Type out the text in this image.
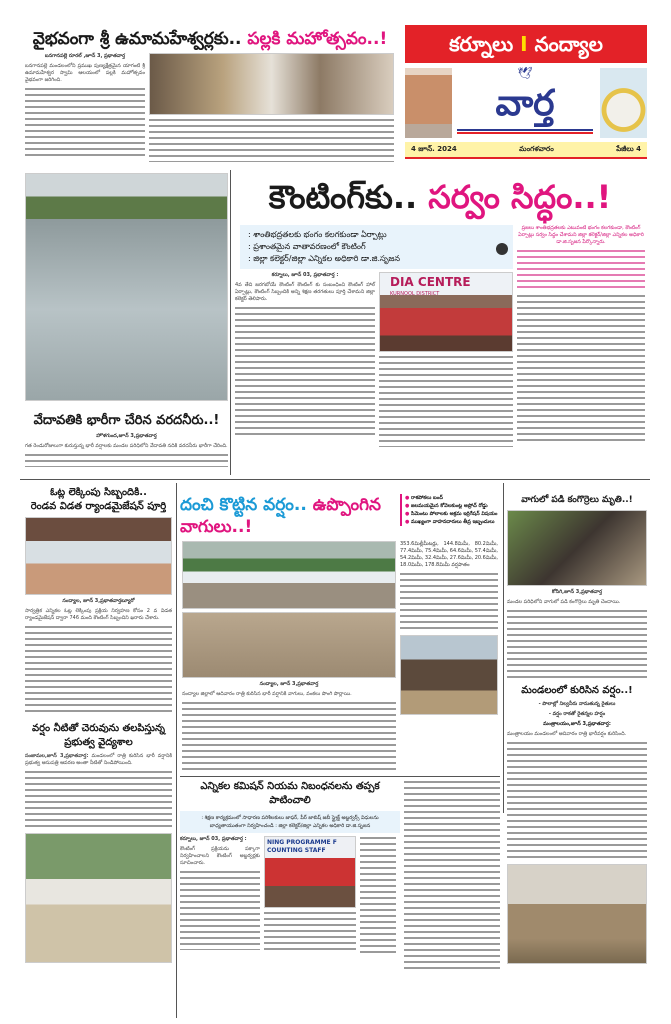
కర్నూలు I నంద్యాల
🕊
వార్త
4 జూన్. 2024	మంగళవారం	పేజీలు 4
వైభవంగా శ్రీ ఉమామహేశ్వర్లకు.. పల్లకి మహోత్సవం..!
బనగానపల్లె రూరల్ ,జూన్ 3, ప్రభాతవార్త
బనగానపల్లె మండలంలోని ప్రముఖ పుణ్యక్షేత్రమైన యాగంటి శ్రీ ఉమామహేశ్వర స్వామి ఆలయంలో పల్లకి మహోత్సవం వైభవంగా జరిగింది.
వేదావతికి భారీగా చేరిన వరదనీరు..!
హొళగుంద,జూన్ 3,ప్రభాతవార్త
గత రెండురోజులుగా కురుస్తున్న భారీ వర్షాలకు మండల పరిధిలోని వేదావతి నదికి వరదనీరు భారీగా చేరింది.
కౌంటింగ్‌కు.. సర్వం సిద్ధం..!
: శాంతిభద్రతలకు భంగం కలగకుండా ఏర్పాట్లు
: ప్రశాంతమైన వాతావరణంలో కౌంటింగ్
: జిల్లా కలెక్టర్/జిల్లా ఎన్నికల అధికారి డా.జి.సృజన
కర్నూలు, జూన్ 03, ప్రభాతవార్త :
4వ తేది జరగబోయే కౌంటింగ్ కౌంటింగ్ కు సంబంధించి కౌంటింగ్ హాల్ ఏర్పాట్లు, కౌంటింగ్ సిబ్బందికి అన్ని శిక్షణ తరగతులు పూర్తి చేశామని జిల్లా కలెక్టర్ తెలిపారు.
DIA CENTRE
KURNOOL DISTRICT
ప్రజలు శాంతిభద్రతలకు ఎటువంటి భంగం కలగకుండా, కౌంటింగ్ ఏర్పాట్లు సర్వం సిద్ధం చేశామని జిల్లా కలెక్టర్/జిల్లా ఎన్నికల అధికారి డా.జి.సృజన పేర్కొన్నారు.
ఓట్ల లెక్కింపు సిబ్బందికి..
రెండవ విడత ర్యాండమైజేషన్ పూర్తి
నంద్యాల, జూన్ 3,ప్రభాతవార్తబ్యూరో
సార్వత్రిక ఎన్నికల ఓట్ల లెక్కింపు ప్రక్రియ నిర్వహణ కోసం 2 వ విడత ర్యాండమైజేషన్ ద్వారా 746 మంది కౌంటింగ్ సిబ్బందిని ఖరారు చేశారు.
వర్షం నీటితో చెరువును తలపిస్తున్న
ప్రభుత్వ వైద్యశాల
సంజామల,జూన్ 3,ప్రభాతవార్త: మండలంలో రాత్రి కురిసిన భారీ వర్షానికి ప్రభుత్వ ఆసుపత్రి ఆవరణ అంతా నీటితో నిండిపోయింది.
దంచి కొట్టిన వర్షం.. ఉప్పొంగిన వాగులు..!
● రాకపోకలు బంద్
● జలమయమైన కోవెలకుంట్ల అప్రోచ్ రోడ్డు
● సిమెంటు పోలాలకు అక్రమ ఇర్రిగేషన్ విషయం
● ముఖ్యంగా వాహనదారులు తీవ్ర ఇబ్బందులు
నంద్యాల, జూన్ 3,ప్రభాతవార్త
నంద్యాల జిల్లాలో ఆదివారం రాత్రి కురిసిన భారీ వర్షానికి వాగులు, వంకలు పొంగి పొర్లాయి.
353.6మిల్లీమీటర్లు, 144.8మిమీ, 80.2మిమీ, 77.4మిమీ, 75.4మిమీ, 64.6మిమీ, 57.4మిమీ, 54.2మిమీ, 32.4మిమీ, 27.6మిమీ, 20.6మిమీ, 18.0మిమీ, 178.8మిమీ వర్షపాతం
ఎన్నికల కమిషన్ నియమ నిబంధనలను తప్పక పాటించాలి
: శిక్షణ కార్యక్రమంలో సాధారణ పరిశీలకులు జాఫర్, పీర్ జాబిష్ జబీ స్ట్రైక్ట్ అబ్జర్వర్స్ విధులను బాధ్యతాయుతంగా నిర్వహించండి : జిల్లా కలెక్టర్/జిల్లా ఎన్నికల అధికారి డా.జి.సృజన
కర్నూలు, జూన్ 03, ప్రభాతవార్త :
కౌంటింగ్ ప్రక్రియను పక్కాగా నిర్వహించాలని కౌంటింగ్ అబ్జర్వర్లకు సూచించారు.
NING PROGRAMME F COUNTING STAFF
వాగులో పడి కంగొర్రెలు మృతి..!
కోసిగి,జూన్ 3,ప్రభాతవార్త
మండల పరిధిలోని వాగులో పడి కంగొర్రెలు మృతి చెందాయి.
మండలంలో కురిసిన వర్షం..!
- పొలాల్లో నిల్వనీరు నానుతున్న రైతులు
- వర్షం రాకతో రైతన్నల హర్షం
మంత్రాలయం,జూన్ 3,ప్రభాతవార్త:
మంత్రాలయం మండలంలో ఆదివారం రాత్రి భారీవర్షం కురిసింది.
